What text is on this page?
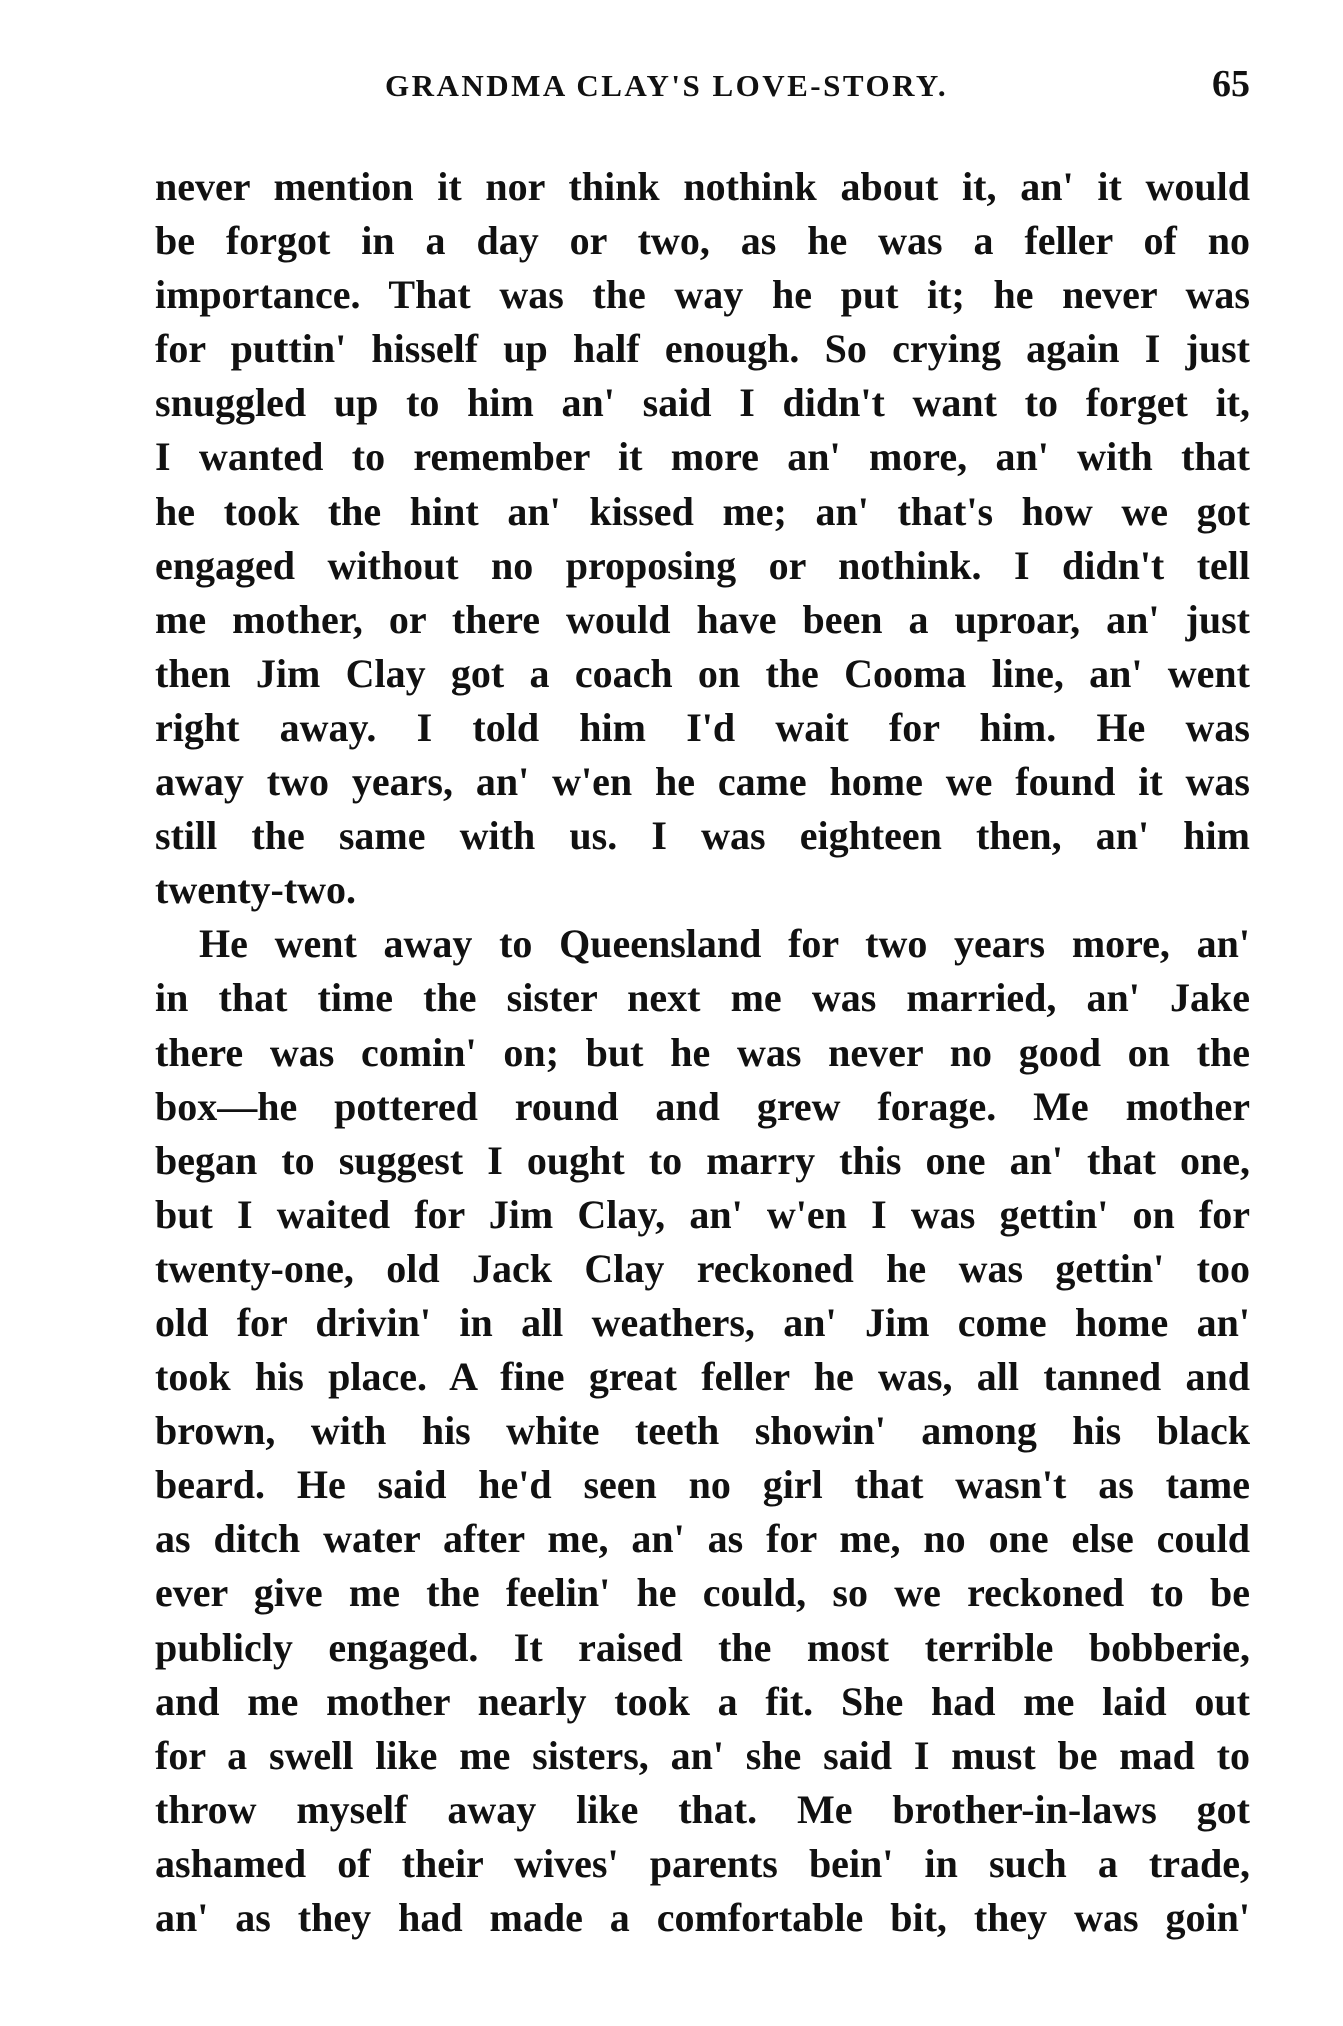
GRANDMA CLAY'S LOVE-STORY.	65
never mention it nor think nothink about it, an' it would
be forgot in a day or two, as he was a feller of no
importance. That was the way he put it; he never was
for puttin' hisself up half enough. So crying again I just
snuggled up to him an' said I didn't want to forget it,
I wanted to remember it more an' more, an' with that
he took the hint an' kissed me; an' that's how we got
engaged without no proposing or nothink. I didn't tell
me mother, or there would have been a uproar, an' just
then Jim Clay got a coach on the Cooma line, an' went
right away. I told him I'd wait for him. He was
away two years, an' w'en he came home we found it was
still the same with us. I was eighteen then, an' him
twenty-two.
He went away to Queensland for two years more, an'
in that time the sister next me was married, an' Jake
there was comin' on; but he was never no good on the
box—he pottered round and grew forage. Me mother
began to suggest I ought to marry this one an' that one,
but I waited for Jim Clay, an' w'en I was gettin' on for
twenty-one, old Jack Clay reckoned he was gettin' too
old for drivin' in all weathers, an' Jim come home an'
took his place. A fine great feller he was, all tanned and
brown, with his white teeth showin' among his black
beard. He said he'd seen no girl that wasn't as tame
as ditch water after me, an' as for me, no one else could
ever give me the feelin' he could, so we reckoned to be
publicly engaged. It raised the most terrible bobberie,
and me mother nearly took a fit. She had me laid out
for a swell like me sisters, an' she said I must be mad to
throw myself away like that. Me brother-in-laws got
ashamed of their wives' parents bein' in such a trade,
an' as they had made a comfortable bit, they was goin'
